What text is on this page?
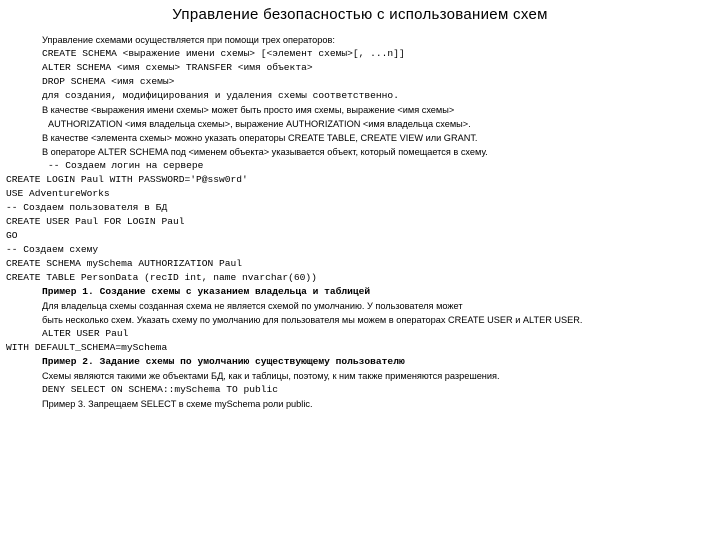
Управление безопасностью с использованием схем
Управление схемами осуществляется при помощи трех операторов:
CREATE SCHEMA <выражение имени схемы> [<элемент схемы>[, ...n]]
ALTER SCHEMA <имя схемы> TRANSFER <имя объекта>
DROP SCHEMA <имя схемы>
для создания, модифицирования и удаления схемы соответственно.
В качестве <выражения имени схемы> может быть просто имя схемы, выражение <имя схемы>
AUTHORIZATION <имя владельца схемы>, выражение AUTHORIZATION <имя владельца схемы>.
В качестве <элемента схемы> можно указать операторы CREATE TABLE, CREATE VIEW или GRANT.
В операторе ALTER SCHEMA под <именем объекта> указывается объект, который помещается в схему.
-- Создаем логин на сервере
CREATE LOGIN Paul WITH PASSWORD='P@ssw0rd'
USE AdventureWorks
-- Создаем пользователя в БД
CREATE USER Paul FOR LOGIN Paul
GO
-- Создаем схему
CREATE SCHEMA mySchema AUTHORIZATION Paul
CREATE TABLE PersonData (recID int, name nvarchar(60))
Пример 1. Создание схемы с указанием владельца и таблицей
Для владельца схемы созданная схема не является схемой по умолчанию. У пользователя может
быть несколько схем. Указать схему по умолчанию для пользователя мы можем в операторах CREATE USER и ALTER USER.
ALTER USER Paul
WITH DEFAULT_SCHEMA=mySchema
Пример 2. Задание схемы по умолчанию существующему пользователю
Схемы являются такими же объектами БД, как и таблицы, поэтому, к ним также применяются разрешения.
DENY SELECT ON SCHEMA::mySchema TO public
Пример 3. Запрещаем SELECT в схеме mySchema роли public.
